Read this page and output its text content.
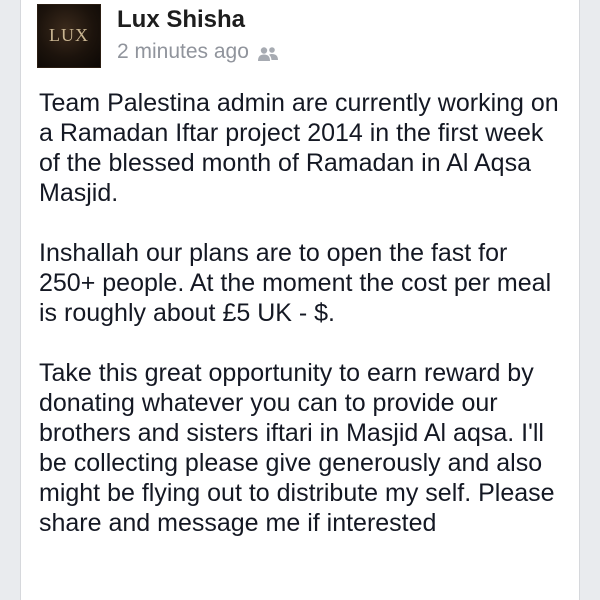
LUX
Lux Shisha
2 minutes ago

Team Palestina admin are currently working on a Ramadan Iftar project 2014 in the first week of the blessed month of Ramadan in Al Aqsa Masjid.

Inshallah our plans are to open the fast for 250+ people. At the moment the cost per meal is roughly about £5 UK - $.

Take this great opportunity to earn reward by donating whatever you can to provide our brothers and sisters iftari in Masjid Al aqsa. I'll be collecting please give generously and also might be flying out to distribute my self. Please share and message me if interested
